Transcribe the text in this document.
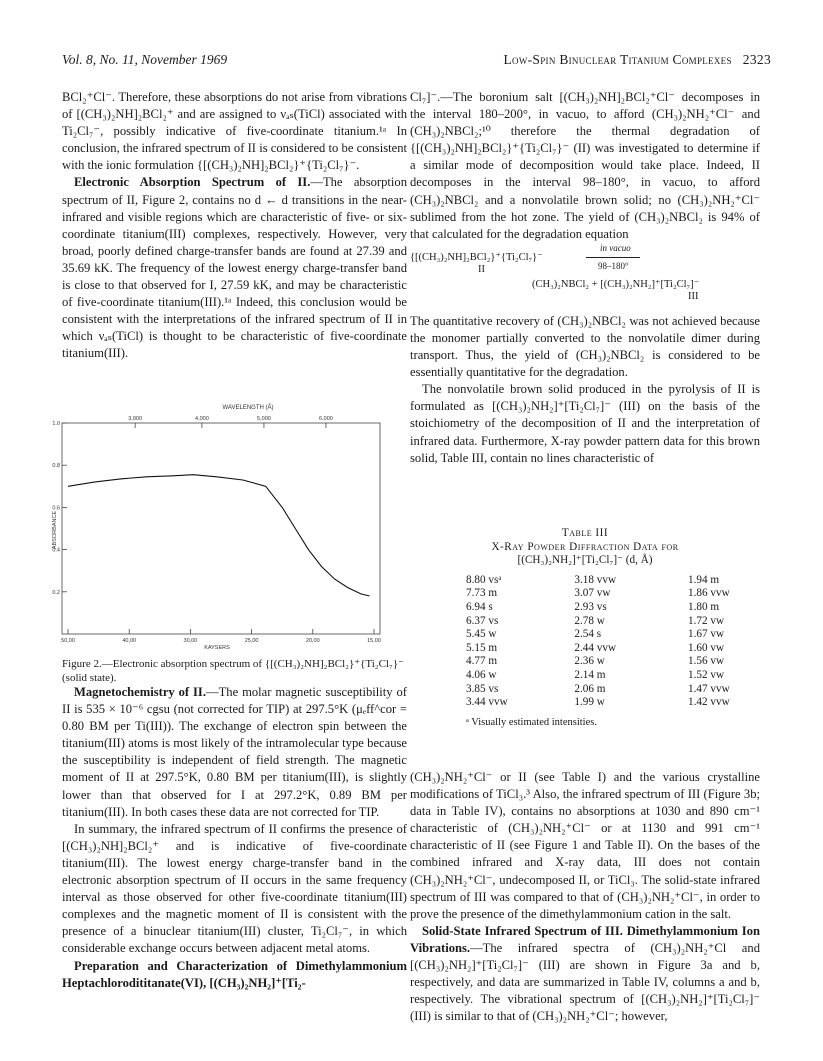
Vol. 8, No. 11, November 1969	Low-Spin Binuclear Titanium Complexes 2323

BCl₂⁺Cl⁻. Therefore, these absorptions do not arise from vibrations of [(CH₃)₂NH]₂BCl₂⁺ and are assigned to νₐₛ(TiCl) associated with Ti₂Cl₇⁻, possibly indicative of five-coordinate titanium.¹ᵃ In conclusion, the infrared spectrum of II is considered to be consistent with the ionic formulation {[(CH₃)₂NH]₂BCl₂}⁺{Ti₂Cl₇}⁻.

Electronic Absorption Spectrum of II.—The absorption spectrum of II, Figure 2, contains no d ← d transitions in the near-infrared and visible regions which are characteristic of five- or six-coordinate titanium(III) complexes, respectively. However, very broad, poorly defined charge-transfer bands are found at 27.39 and 35.69 kK. The frequency of the lowest energy charge-transfer band is close to that observed for I, 27.59 kK, and may be characteristic of five-coordinate titanium(III).¹ᵃ Indeed, this conclusion would be consistent with the interpretations of the infrared spectrum of II in which νₐₛ(TiCl) is thought to be characteristic of five-coordinate titanium(III).

WAVELENGTH (Å)
KAYSERS
ABSORBANCE
1.0
0.8
0.6
0.4
0.2
50,00	40,00	30,00	25,00	20,00	15,00
3,000	4,000	5,000	6,000
Figure 2.—Electronic absorption spectrum of {[(CH₃)₂NH]₂BCl₂}⁺{Ti₂Cl₇}⁻ (solid state).

Magnetochemistry of II.—The molar magnetic susceptibility of II is 535 × 10⁻⁶ cgsu (not corrected for TIP) at 297.5°K (μₑff^cor = 0.80 BM per Ti(III)). The exchange of electron spin between the titanium(III) atoms is most likely of the intramolecular type because the susceptibility is independent of field strength. The magnetic moment of II at 297.5°K, 0.80 BM per titanium(III), is slightly lower than that observed for I at 297.2°K, 0.89 BM per titanium(III). In both cases these data are not corrected for TIP.

In summary, the infrared spectrum of II confirms the presence of [(CH₃)₂NH]₂BCl₂⁺ and is indicative of five-coordinate titanium(III). The lowest energy charge-transfer band in the electronic absorption spectrum of II occurs in the same frequency interval as those observed for other five-coordinate titanium(III) complexes and the magnetic moment of II is consistent with the presence of a binuclear titanium(III) cluster, Ti₂Cl₇⁻, in which considerable exchange occurs between adjacent metal atoms.

Preparation and Characterization of Dimethylammonium Heptachlorodititanate(VI), [(CH₃)₂NH₂]⁺[Ti₂-

Cl₇]⁻.—The boronium salt [(CH₃)₂NH]₂BCl₂⁺Cl⁻ decomposes in the interval 180–200°, in vacuo, to afford (CH₃)₂NH₂⁺Cl⁻ and (CH₃)₂NBCl₂;¹⁰ therefore the thermal degradation of {[(CH₃)₂NH]₂BCl₂}⁺{Ti₂Cl₇}⁻ (II) was investigated to determine if a similar mode of decomposition would take place. Indeed, II decomposes in the interval 98–180°, in vacuo, to afford (CH₃)₂NBCl₂ and a nonvolatile brown solid; no (CH₃)₂NH₂⁺Cl⁻ sublimed from the hot zone. The yield of (CH₃)₂NBCl₂ is 94% of that calculated for the degradation equation

{[(CH₃)₂NH]₂BCl₂}⁺{Ti₂Cl₇}⁻
II
in vacuo
98–180°
(CH₃)₂NBCl₂ + [(CH₃)₂NH₂]⁺[Ti₂Cl₇]⁻
III

The quantitative recovery of (CH₃)₂NBCl₂ was not achieved because the monomer partially converted to the nonvolatile dimer during transport. Thus, the yield of (CH₃)₂NBCl₂ is considered to be essentially quantitative for the degradation.

The nonvolatile brown solid produced in the pyrolysis of II is formulated as [(CH₃)₂NH₂]⁺[Ti₂Cl₇]⁻ (III) on the basis of the stoichiometry of the decomposition of II and the interpretation of infrared data. Furthermore, X-ray powder pattern data for this brown solid, Table III, contain no lines characteristic of

Table III
X-Ray Powder Diffraction Data for
[(CH₃)₂NH₂]⁺[Ti₂Cl₇]⁻ (d, Å)
8.80 vsᵃ	3.18 vvw	1.94 m
7.73 m	3.07 vw	1.86 vvw
6.94 s	2.93 vs	1.80 m
6.37 vs	2.78 w	1.72 vw
5.45 w	2.54 s	1.67 vw
5.15 m	2.44 vvw	1.60 vw
4.77 m	2.36 w	1.56 vw
4.06 w	2.14 m	1.52 vw
3.85 vs	2.06 m	1.47 vvw
3.44 vvw	1.99 w	1.42 vvw
ᵃ Visually estimated intensities.

(CH₃)₂NH₂⁺Cl⁻ or II (see Table I) and the various crystalline modifications of TiCl₃.³ Also, the infrared spectrum of III (Figure 3b; data in Table IV), contains no absorptions at 1030 and 890 cm⁻¹ characteristic of (CH₃)₂NH₂⁺Cl⁻ or at 1130 and 991 cm⁻¹ characteristic of II (see Figure 1 and Table II). On the bases of the combined infrared and X-ray data, III does not contain (CH₃)₂NH₂⁺Cl⁻, undecomposed II, or TiCl₃. The solid-state infrared spectrum of III was compared to that of (CH₃)₂NH₂⁺Cl⁻, in order to prove the presence of the dimethylammonium cation in the salt.

Solid-State Infrared Spectrum of III. Dimethylammonium Ion Vibrations.—The infrared spectra of (CH₃)₂NH₂⁺Cl and [(CH₃)₂NH₂]⁺[Ti₂Cl₇]⁻ (III) are shown in Figure 3a and b, respectively, and data are summarized in Table IV, columns a and b, respectively. The vibrational spectrum of [(CH₃)₂NH₂]⁺[Ti₂Cl₇]⁻ (III) is similar to that of (CH₃)₂NH₂⁺Cl⁻; however,
